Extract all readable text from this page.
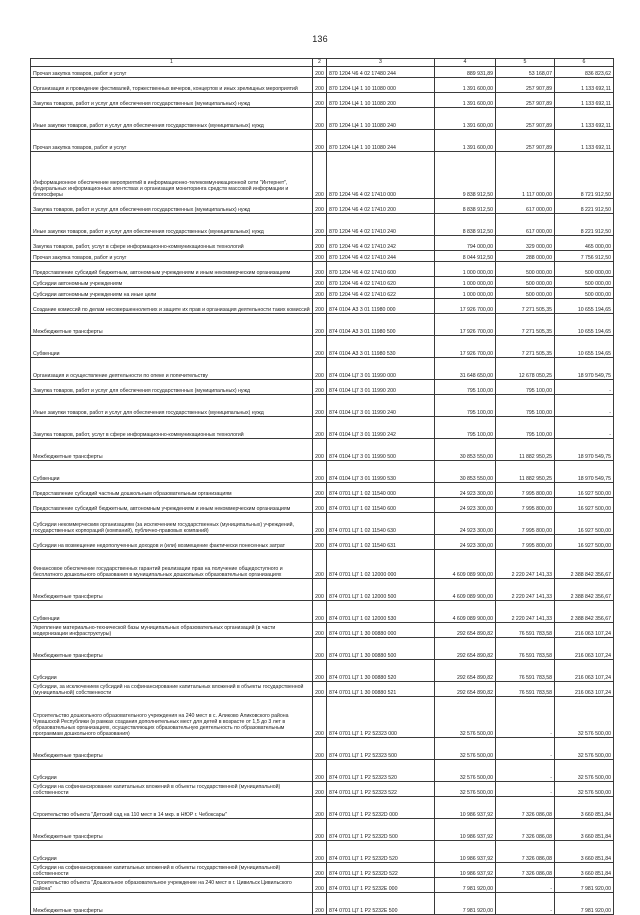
136
1	2	3	4	5	6
Прочая закупка товаров, работ и услуг	200	870 1204 Ч6 4 02 17480 244	889 931,89	53 168,07	836 823,62
Организация и проведение фестивалей, торжественных вечеров, концертов и иных зрелищных мероприятий	200	870 1204 Ц4 1 10 11080 000	1 391 600,00	257 907,89	1 133 692,11
Закупка товаров, работ и услуг для обеспечения государственных (муниципальных) нужд	200	870 1204 Ц4 1 10 11080 200	1 391 600,00	257 907,89	1 133 692,11
Иные закупки товаров, работ и услуг для обеспечения государственных (муниципальных) нужд	200	870 1204 Ц4 1 10 11080 240	1 391 600,00	257 907,89	1 133 692,11
Прочая закупка товаров, работ и услуг	200	870 1204 Ц4 1 10 11080 244	1 391 600,00	257 907,89	1 133 692,11
Информационное обеспечение мероприятий в информационно-телекоммуникационной сети "Интернет", федеральных информационных агентствах и организация мониторинга средств массовой информации и блогосферы	200	870 1204 Ч6 4 02 17410 000	9 838 912,50	1 117 000,00	8 721 912,50
Закупка товаров, работ и услуг для обеспечения государственных (муниципальных) нужд	200	870 1204 Ч6 4 02 17410 200	8 838 912,50	617 000,00	8 221 912,50
Иные закупки товаров, работ и услуг для обеспечения государственных (муниципальных) нужд	200	870 1204 Ч6 4 02 17410 240	8 838 912,50	617 000,00	8 221 912,50
Закупка товаров, работ, услуг в сфере информационно-коммуникационных технологий	200	870 1204 Ч6 4 02 17410 242	794 000,00	329 000,00	465 000,00
Прочая закупка товаров, работ и услуг	200	870 1204 Ч6 4 02 17410 244	8 044 912,50	288 000,00	7 756 912,50
Предоставление субсидий бюджетным, автономным учреждениям и иным некоммерческим организациям	200	870 1204 Ч6 4 02 17410 600	1 000 000,00	500 000,00	500 000,00
Субсидии автономным учреждениям	200	870 1204 Ч6 4 02 17410 620	1 000 000,00	500 000,00	500 000,00
Субсидии автономным учреждениям на иные цели	200	870 1204 Ч6 4 02 17410 622	1 000 000,00	500 000,00	500 000,00
Создание комиссий по делам несовершеннолетних и защите их прав и организация деятельности таких комиссий	200	874 0104 А3 3 01 11980 000	17 926 700,00	7 271 505,35	10 655 194,65
Межбюджетные трансферты	200	874 0104 А3 3 01 11980 500	17 926 700,00	7 271 505,35	10 655 194,65
Субвенции	200	874 0104 А3 3 01 11980 530	17 926 700,00	7 271 505,35	10 655 194,65
Организация и осуществление деятельности по опеке и попечительству	200	874 0104 Ц7 3 01 11990 000	31 648 650,00	12 678 050,25	18 970 549,75
Закупка товаров, работ и услуг для обеспечения государственных (муниципальных) нужд	200	874 0104 Ц7 3 01 11990 200	795 100,00	795 100,00	-
Иные закупки товаров, работ и услуг для обеспечения государственных (муниципальных) нужд	200	874 0104 Ц7 3 01 11990 240	795 100,00	795 100,00	-
Закупка товаров, работ, услуг в сфере информационно-коммуникационных технологий	200	874 0104 Ц7 3 01 11990 242	795 100,00	795 100,00	-
Межбюджетные трансферты	200	874 0104 Ц7 3 01 11990 500	30 853 550,00	11 882 950,25	18 970 549,75
Субвенции	200	874 0104 Ц7 3 01 11990 530	30 853 550,00	11 882 950,25	18 970 549,75
Предоставление субсидий частным дошкольным образовательным организациям	200	874 0701 Ц7 1 02 11540 000	24 923 300,00	7 995 800,00	16 927 500,00
Предоставление субсидий бюджетным, автономным учреждениям и иным некоммерческим организациям	200	874 0701 Ц7 1 02 11540 600	24 923 300,00	7 995 800,00	16 927 500,00
Субсидии некоммерческим организациям (за исключением государственных (муниципальных) учреждений, государственных корпораций (компаний), публично-правовых компаний)	200	874 0701 Ц7 1 02 11540 630	24 923 300,00	7 995 800,00	16 927 500,00
Субсидии на возмещение недополученных доходов и (или) возмещение фактически понесенных затрат	200	874 0701 Ц7 1 02 11540 631	24 923 300,00	7 995 800,00	16 927 500,00
Финансовое обеспечение государственных гарантий реализации прав на получение общедоступного и бесплатного дошкольного образования в муниципальных дошкольных образовательных организациях	200	874 0701 Ц7 1 02 12000 000	4 609 089 900,00	2 220 247 141,33	2 388 842 356,67
Межбюджетные трансферты	200	874 0701 Ц7 1 02 12000 500	4 609 089 900,00	2 220 247 141,33	2 388 842 356,67
Субвенции	200	874 0701 Ц7 1 02 12000 530	4 609 089 900,00	2 220 247 141,33	2 388 842 356,67
Укрепление материально-технической базы муниципальных образовательных организаций (в части модернизации инфраструктуры)	200	874 0701 Ц7 1 30 00880 000	292 654 890,82	76 591 783,58	216 063 107,24
Межбюджетные трансферты	200	874 0701 Ц7 1 30 00880 500	292 654 890,82	76 591 783,58	216 063 107,24
Субсидии	200	874 0701 Ц7 1 30 00880 520	292 654 890,82	76 591 783,58	216 063 107,24
Субсидии, за исключением субсидий на софинансирование капитальных вложений в объекты государственной (муниципальной) собственности	200	874 0701 Ц7 1 30 00880 521	292 654 890,82	76 591 783,58	216 063 107,24
Строительство дошкольного образовательного учреждения на 240 мест в с. Аликово Аликовского района Чувашской Республики (в рамках создания дополнительных мест для детей в возрасте от 1,5 до 3 лет в образовательных организациях, осуществляющих образовательную деятельность по образовательным программам дошкольного образования)	200	874 0701 Ц7 1 P2 52323 000	32 576 500,00	-	32 576 500,00
Межбюджетные трансферты	200	874 0701 Ц7 1 P2 52323 500	32 576 500,00	-	32 576 500,00
Субсидии	200	874 0701 Ц7 1 P2 52323 520	32 576 500,00	-	32 576 500,00
Субсидии на софинансирование капитальных вложений в объекты государственной (муниципальной) собственности	200	874 0701 Ц7 1 P2 52323 522	32 576 500,00	-	32 576 500,00
Строительство объекта "Детский сад на 110 мест в 14 мкр. в НЮР г. Чебоксары"	200	874 0701 Ц7 1 P2 5232D 000	10 986 937,92	7 326 086,08	3 660 851,84
Межбюджетные трансферты	200	874 0701 Ц7 1 P2 5232D 500	10 986 937,92	7 326 086,08	3 660 851,84
Субсидии	200	874 0701 Ц7 1 P2 5232D 520	10 986 937,92	7 326 086,08	3 660 851,84
Субсидии на софинансирование капитальных вложений в объекты государственной (муниципальной) собственности	200	874 0701 Ц7 1 P2 5232D 522	10 986 937,92	7 326 086,08	3 660 851,84
Строительство объекта "Дошкольное образовательное учреждение на 240 мест в г. Цивильск Цивильского района"	200	874 0701 Ц7 1 P2 5232E 000	7 981 920,00	-	7 981 920,00
Межбюджетные трансферты	200	874 0701 Ц7 1 P2 5232E 500	7 981 920,00	-	7 981 920,00
